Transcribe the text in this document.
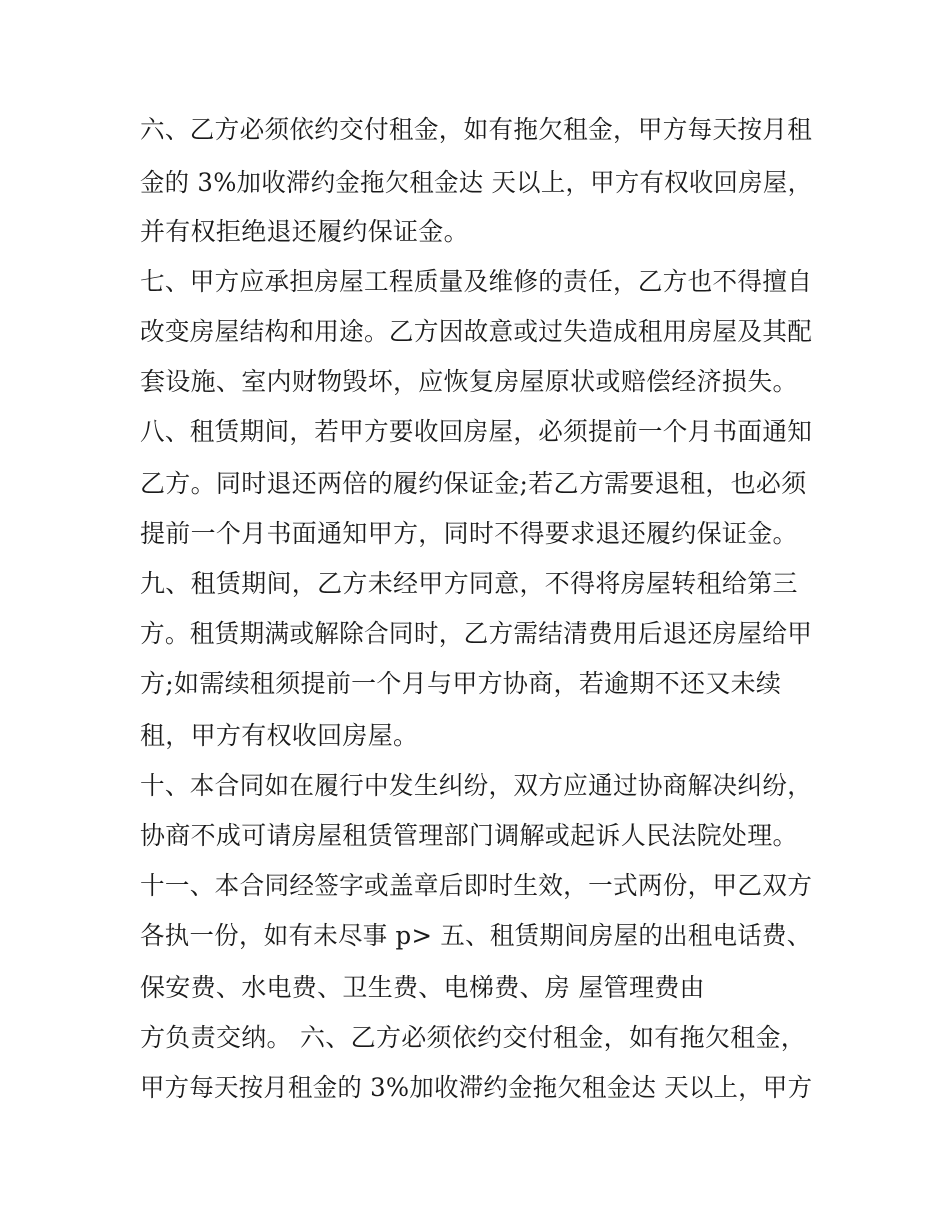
六、乙方必须依约交付租金，如有拖欠租金，甲方每天按月租
金的 3%加收滞约金拖欠租金达 天以上，甲方有权收回房屋，
并有权拒绝退还履约保证金。
七、甲方应承担房屋工程质量及维修的责任，乙方也不得擅自
改变房屋结构和用途。乙方因故意或过失造成租用房屋及其配
套设施、室内财物毁坏，应恢复房屋原状或赔偿经济损失。
八、租赁期间，若甲方要收回房屋，必须提前一个月书面通知
乙方。同时退还两倍的履约保证金;若乙方需要退租，也必须
提前一个月书面通知甲方，同时不得要求退还履约保证金。
九、租赁期间，乙方未经甲方同意，不得将房屋转租给第三
方。租赁期满或解除合同时，乙方需结清费用后退还房屋给甲
方;如需续租须提前一个月与甲方协商，若逾期不还又未续
租，甲方有权收回房屋。
十、本合同如在履行中发生纠纷，双方应通过协商解决纠纷，
协商不成可请房屋租赁管理部门调解或起诉人民法院处理。
十一、本合同经签字或盖章后即时生效，一式两份，甲乙双方
各执一份，如有未尽事 p> 五、租赁期间房屋的出租电话费、
保安费、水电费、卫生费、电梯费、房 屋管理费由
方负责交纳。 六、乙方必须依约交付租金，如有拖欠租金，
甲方每天按月租金的 3%加收滞约金拖欠租金达 天以上，甲方
